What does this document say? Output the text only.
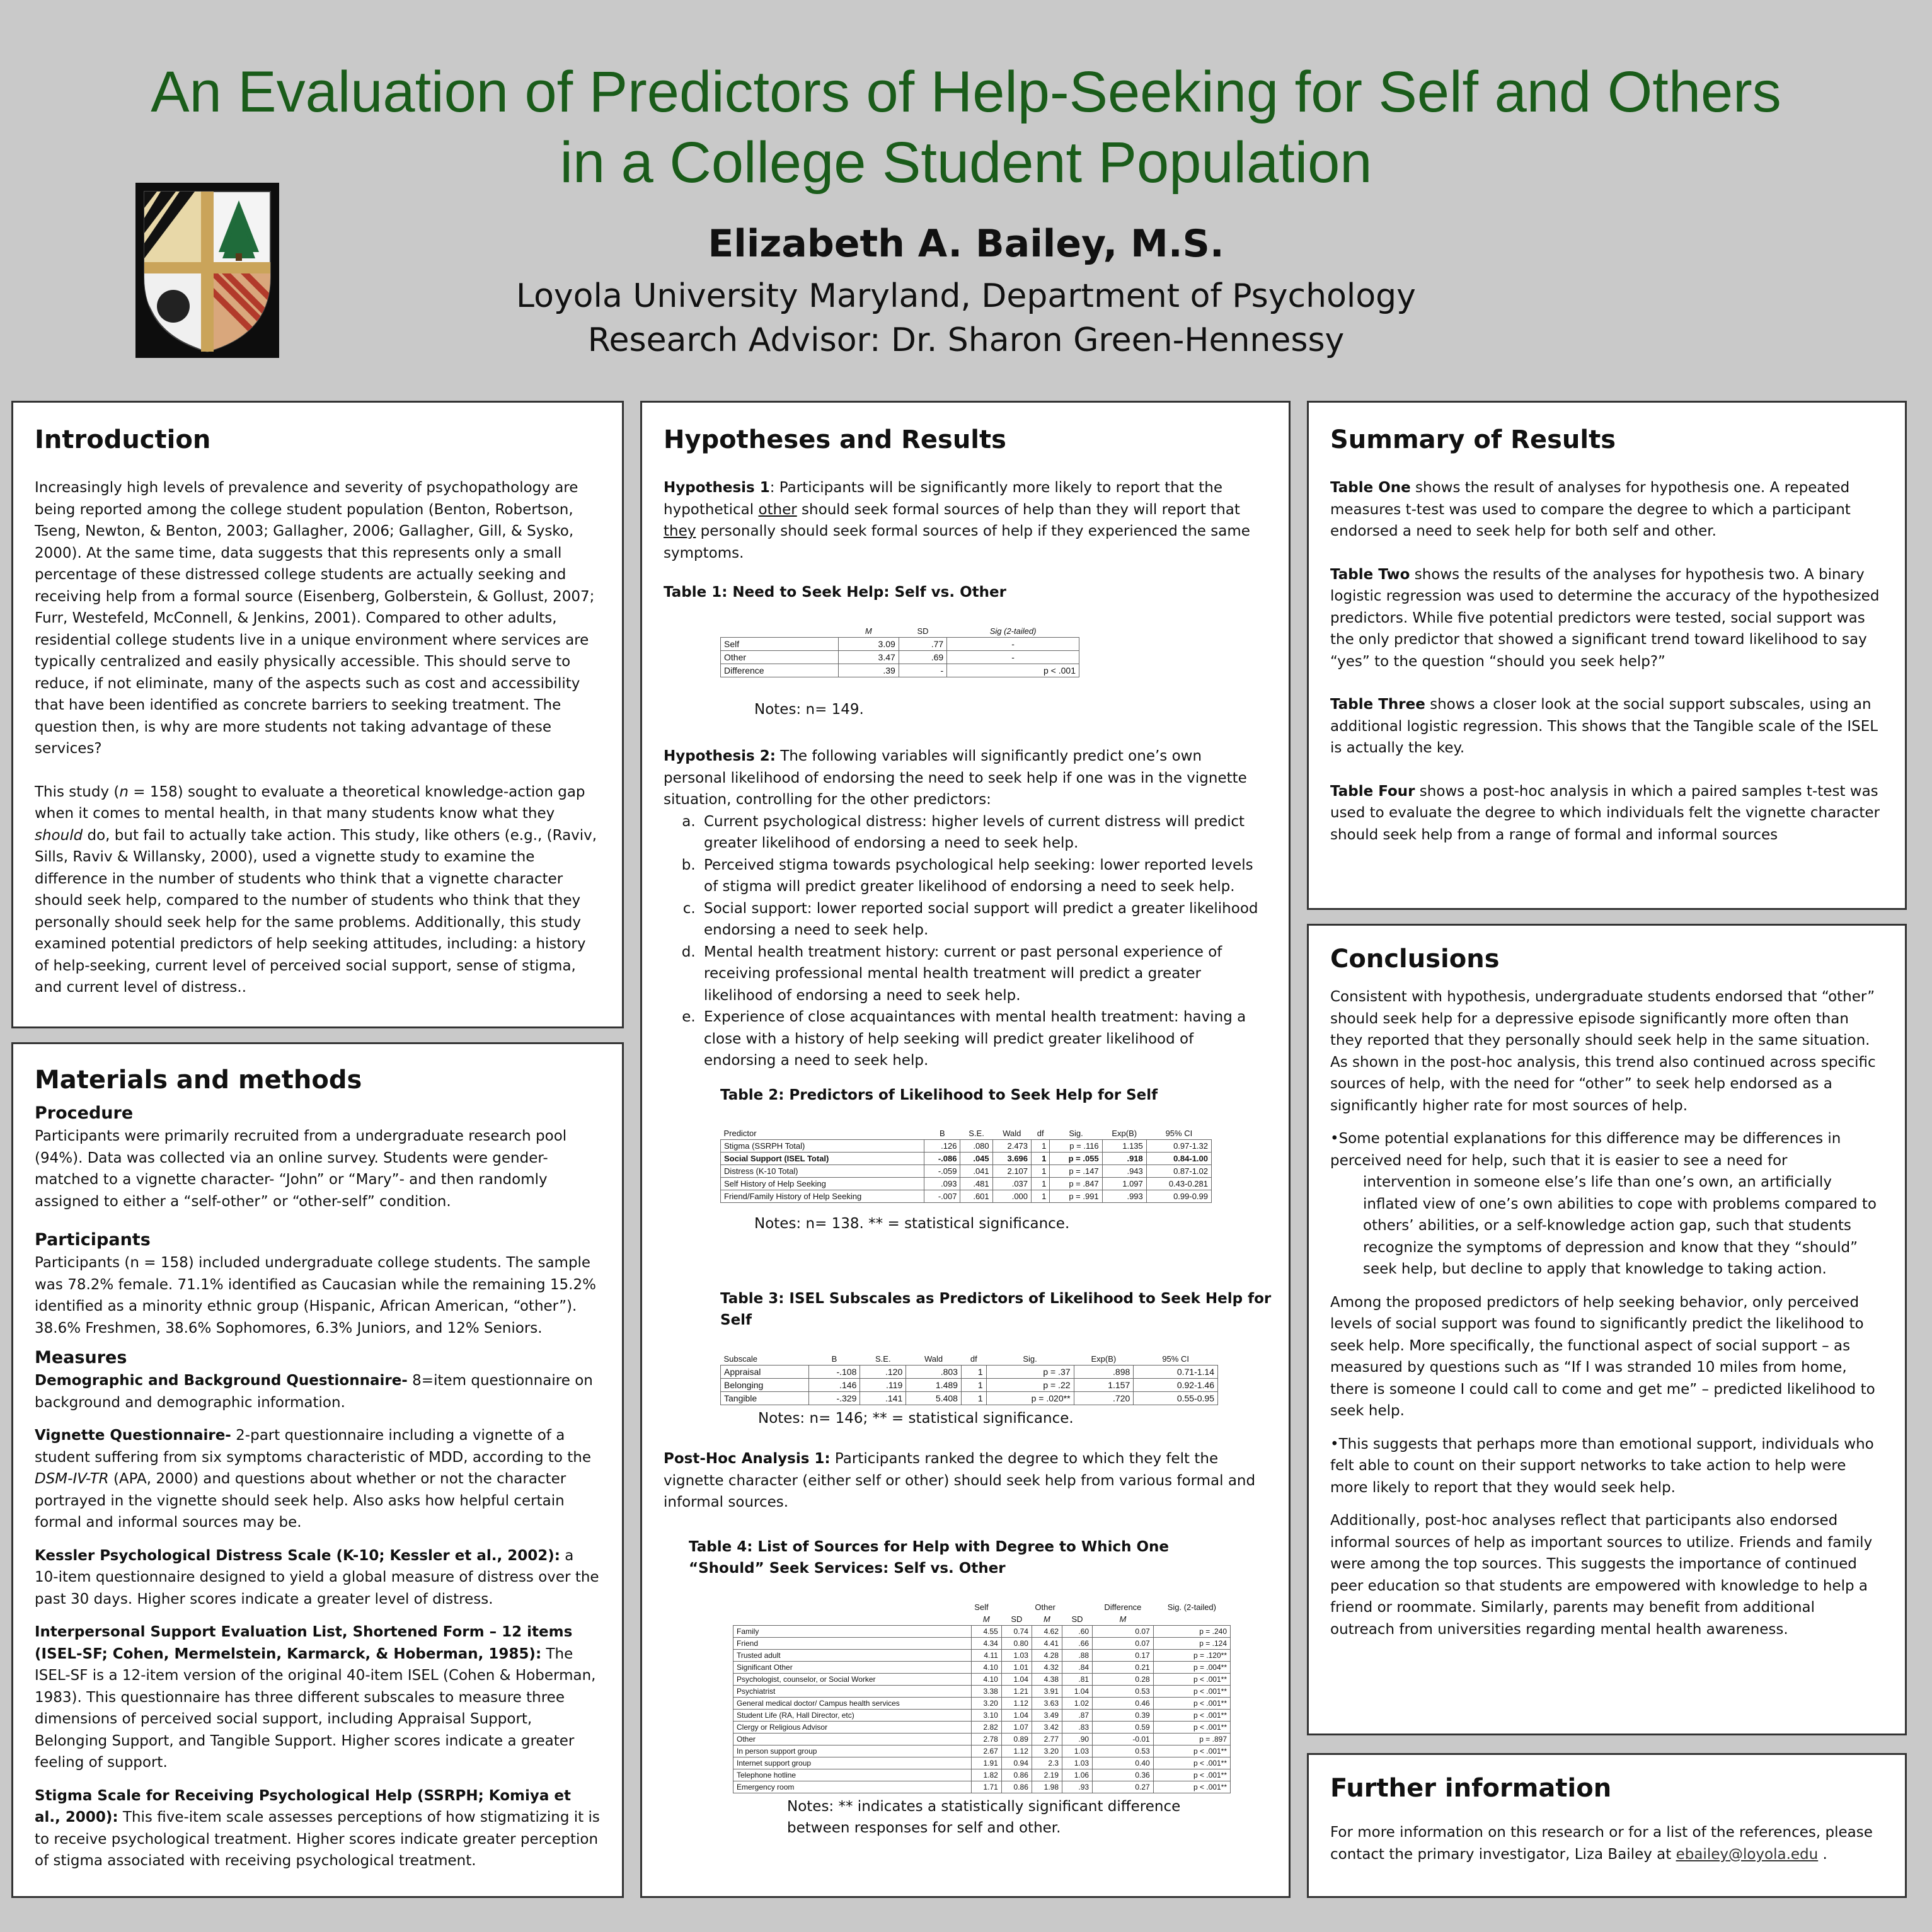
An Evaluation of Predictors of Help-Seeking for Self and Others
in a College Student Population
Elizabeth A. Bailey, M.S.
Loyola University Maryland, Department of Psychology
Research Advisor: Dr. Sharon Green-Hennessy
Introduction

Increasingly high levels of prevalence and severity of psychopathology are being reported among the college student population (Benton, Robertson, Tseng, Newton, & Benton, 2003; Gallagher, 2006; Gallagher, Gill, & Sysko, 2000). At the same time, data suggests that this represents only a small percentage of these distressed college students are actually seeking and receiving help from a formal source (Eisenberg, Golberstein, & Gollust, 2007; Furr, Westefeld, McConnell, & Jenkins, 2001). Compared to other adults, residential college students live in a unique environment where services are typically centralized and easily physically accessible. This should serve to reduce, if not eliminate, many of the aspects such as cost and accessibility that have been identified as concrete barriers to seeking treatment. The question then, is why are more students not taking advantage of these services?

This study (n = 158) sought to evaluate a theoretical knowledge-action gap when it comes to mental health, in that many students know what they should do, but fail to actually take action. This study, like others (e.g., (Raviv, Sills, Raviv & Willansky, 2000), used a vignette study to examine the difference in the number of students who think that a vignette character should seek help, compared to the number of students who think that they personally should seek help for the same problems. Additionally, this study examined potential predictors of help seeking attitudes, including: a history of help-seeking, current level of perceived social support, sense of stigma, and current level of distress..

Materials and methods
Procedure

Participants were primarily recruited from a undergraduate research pool (94%). Data was collected via an online survey. Students were gender-matched to a vignette character- “John” or “Mary”- and then randomly assigned to either a “self-other” or “other-self” condition.

Participants

Participants (n = 158) included undergraduate college students. The sample was 78.2% female. 71.1% identified as Caucasian while the remaining 15.2% identified as a minority ethnic group (Hispanic, African American, “other”). 38.6% Freshmen, 38.6% Sophomores, 6.3% Juniors, and 12% Seniors.

Measures

Demographic and Background Questionnaire- 8=item questionnaire on background and demographic information.

Vignette Questionnaire- 2-part questionnaire including a vignette of a student suffering from six symptoms characteristic of MDD, according to the DSM-IV-TR (APA, 2000) and questions about whether or not the character portrayed in the vignette should seek help. Also asks how helpful certain formal and informal sources may be.

Kessler Psychological Distress Scale (K-10; Kessler et al., 2002): a 10-item questionnaire designed to yield a global measure of distress over the past 30 days. Higher scores indicate a greater level of distress.

Interpersonal Support Evaluation List, Shortened Form – 12 items (ISEL-SF; Cohen, Mermelstein, Karmarck, & Hoberman, 1985): The ISEL-SF is a 12-item version of the original 40-item ISEL (Cohen & Hoberman, 1983). This questionnaire has three different subscales to measure three dimensions of perceived social support, including Appraisal Support, Belonging Support, and Tangible Support. Higher scores indicate a greater feeling of support.

Stigma Scale for Receiving Psychological Help (SSRPH; Komiya et al., 2000): This five-item scale assesses perceptions of how stigmatizing it is to receive psychological treatment. Higher scores indicate greater perception of stigma associated with receiving psychological treatment.

Hypotheses and Results

Hypothesis 1: Participants will be significantly more likely to report that the hypothetical other should seek formal sources of help than they will report that they personally should seek formal sources of help if they experienced the same symptoms.

Table 1: Need to Seek Help: Self vs. Other

	M	SD	Sig (2-tailed)
Self	3.09	.77	-
Other	3.47	.69	-
Difference	.39	-	p < .001

Notes: n= 149.

Hypothesis 2: The following variables will significantly predict one’s own personal likelihood of endorsing the need to seek help if one was in the vignette situation, controlling for the other predictors:

a. Current psychological distress: higher levels of current distress will predict greater likelihood of endorsing a need to seek help.
b. Perceived stigma towards psychological help seeking: lower reported levels of stigma will predict greater likelihood of endorsing a need to seek help.
c. Social support: lower reported social support will predict a greater likelihood endorsing a need to seek help.
d. Mental health treatment history: current or past personal experience of receiving professional mental health treatment will predict a greater likelihood of endorsing a need to seek help.
e. Experience of close acquaintances with mental health treatment: having a close with a history of help seeking will predict greater likelihood of endorsing a need to seek help.

Table 2: Predictors of Likelihood to Seek Help for Self

Predictor	B	S.E.	Wald	df	Sig.	Exp(B)	95% CI
Stigma (SSRPH Total)	.126	.080	2.473	1	p = .116	1.135	0.97-1.32
Social Support (ISEL Total)	-.086	.045	3.696	1	p = .055	.918	0.84-1.00
Distress (K-10 Total)	-.059	.041	2.107	1	p = .147	.943	0.87-1.02
Self History of Help Seeking	.093	.481	.037	1	p = .847	1.097	0.43-0.281
Friend/Family History of Help Seeking	-.007	.601	.000	1	p = .991	.993	0.99-0.99

Notes: n= 138. ** = statistical significance.

Table 3: ISEL Subscales as Predictors of Likelihood to Seek Help for Self

Subscale	B	S.E.	Wald	df	Sig.	Exp(B)	95% CI
Appraisal	-.108	.120	.803	1	p = .37	.898	0.71-1.14
Belonging	.146	.119	1.489	1	p = .22	1.157	0.92-1.46
Tangible	-.329	.141	5.408	1	p = .020**	.720	0.55-0.95

Notes: n= 146; ** = statistical significance.

Post-Hoc Analysis 1: Participants ranked the degree to which they felt the vignette character (either self or other) should seek help from various formal and informal sources.

Table 4: List of Sources for Help with Degree to Which One “Should” Seek Services: Self vs. Other

	Self		Other		Difference	Sig. (2-tailed)
	M	SD	M	SD	M	
Family	4.55	0.74	4.62	.60	0.07	p = .240
Friend	4.34	0.80	4.41	.66	0.07	p = .124
Trusted adult	4.11	1.03	4.28	.88	0.17	p = .120**
Significant Other	4.10	1.01	4.32	.84	0.21	p = .004**
Psychologist, counselor, or Social Worker	4.10	1.04	4.38	.81	0.28	p < .001**
Psychiatrist	3.38	1.21	3.91	1.04	0.53	p < .001**
General medical doctor/ Campus health services	3.20	1.12	3.63	1.02	0.46	p < .001**
Student Life (RA, Hall Director, etc)	3.10	1.04	3.49	.87	0.39	p < .001**
Clergy or Religious Advisor	2.82	1.07	3.42	.83	0.59	p < .001**
Other	2.78	0.89	2.77	.90	-0.01	p = .897
In person support group	2.67	1.12	3.20	1.03	0.53	p < .001**
Internet support group	1.91	0.94	2.3	1.03	0.40	p < .001**
Telephone hotline	1.82	0.86	2.19	1.06	0.36	p < .001**
Emergency room	1.71	0.86	1.98	.93	0.27	p < .001**

Notes: ** indicates a statistically significant difference between responses for self and other.

Summary of Results

Table One shows the result of analyses for hypothesis one. A repeated measures t-test was used to compare the degree to which a participant endorsed a need to seek help for both self and other.

Table Two shows the results of the analyses for hypothesis two. A binary logistic regression was used to determine the accuracy of the hypothesized predictors. While five potential predictors were tested, social support was the only predictor that showed a significant trend toward likelihood to say “yes” to the question “should you seek help?”

Table Three shows a closer look at the social support subscales, using an additional logistic regression. This shows that the Tangible scale of the ISEL is actually the key.

Table Four shows a post-hoc analysis in which a paired samples t-test was used to evaluate the degree to which individuals felt the vignette character should seek help from a range of formal and informal sources

Conclusions

Consistent with hypothesis, undergraduate students endorsed that “other” should seek help for a depressive episode significantly more often than they reported that they personally should seek help in the same situation. As shown in the post-hoc analysis, this trend also continued across specific sources of help, with the need for “other” to seek help endorsed as a significantly higher rate for most sources of help.

•Some potential explanations for this difference may be differences in perceived need for help, such that it is easier to see a need for

intervention in someone else’s life than one’s own, an artificially inflated view of one’s own abilities to cope with problems compared to others’ abilities, or a self-knowledge action gap, such that students recognize the symptoms of depression and know that they “should” seek help, but decline to apply that knowledge to taking action.

Among the proposed predictors of help seeking behavior, only perceived levels of social support was found to significantly predict the likelihood to seek help. More specifically, the functional aspect of social support – as measured by questions such as “If I was stranded 10 miles from home, there is someone I could call to come and get me” – predicted likelihood to seek help.

•This suggests that perhaps more than emotional support, individuals who felt able to count on their support networks to take action to help were more likely to report that they would seek help.

Additionally, post-hoc analyses reflect that participants also endorsed informal sources of help as important sources to utilize. Friends and family were among the top sources. This suggests the importance of continued peer education so that students are empowered with knowledge to help a friend or roommate. Similarly, parents may benefit from additional outreach from universities regarding mental health awareness.

Further information

For more information on this research or for a list of the references, please contact the primary investigator, Liza Bailey at ebailey@loyola.edu .
